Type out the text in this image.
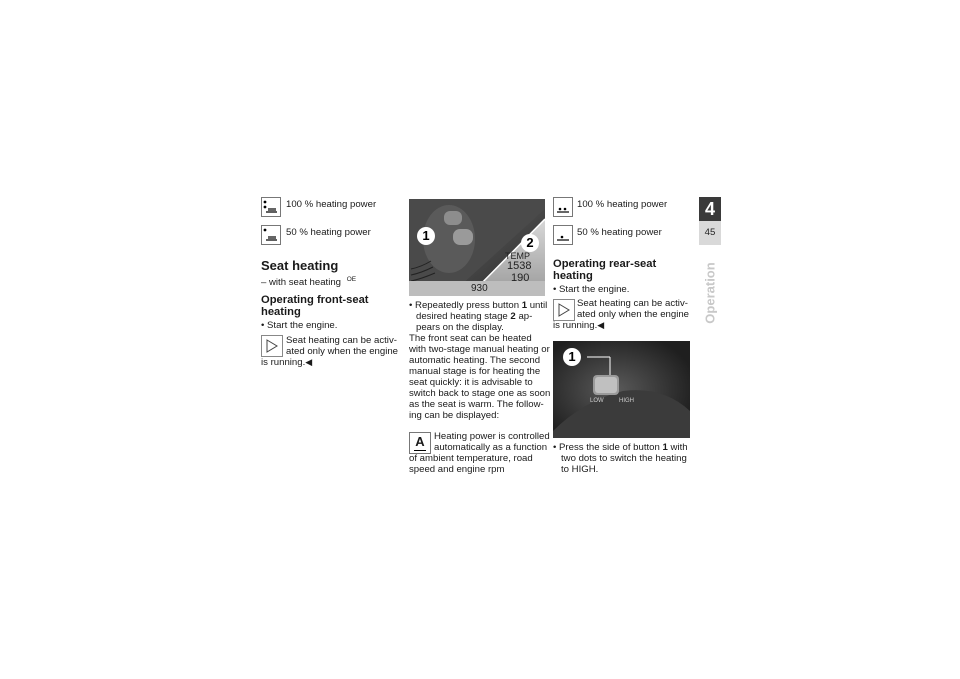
100 % heating power
50 % heating power
Seat heating
– with seat heating $^{OE}$
Operating front-seat
heating
• Start the engine.
Seat heating can be activ-
ated only when the engine
is running.◀
TEMP
1538
190
930
1	2
• Repeatedly press button 1 until
desired heating stage 2 ap-
pears on the display.
The front seat can be heated
with two-stage manual heating or
automatic heating. The second
manual stage is for heating the
seat quickly: it is advisable to
switch back to stage one as soon
as the seat is warm. The follow-
ing can be displayed:
A Heating power is controlled
automatically as a function
of ambient temperature, road
speed and engine rpm
100 % heating power
50 % heating power
Operating rear-seat
heating
• Start the engine.
Seat heating can be activ-
ated only when the engine
is running.◀
1
LOW	HIGH
• Press the side of button 1 with
two dots to switch the heating
to HIGH.
4
45
Operation
